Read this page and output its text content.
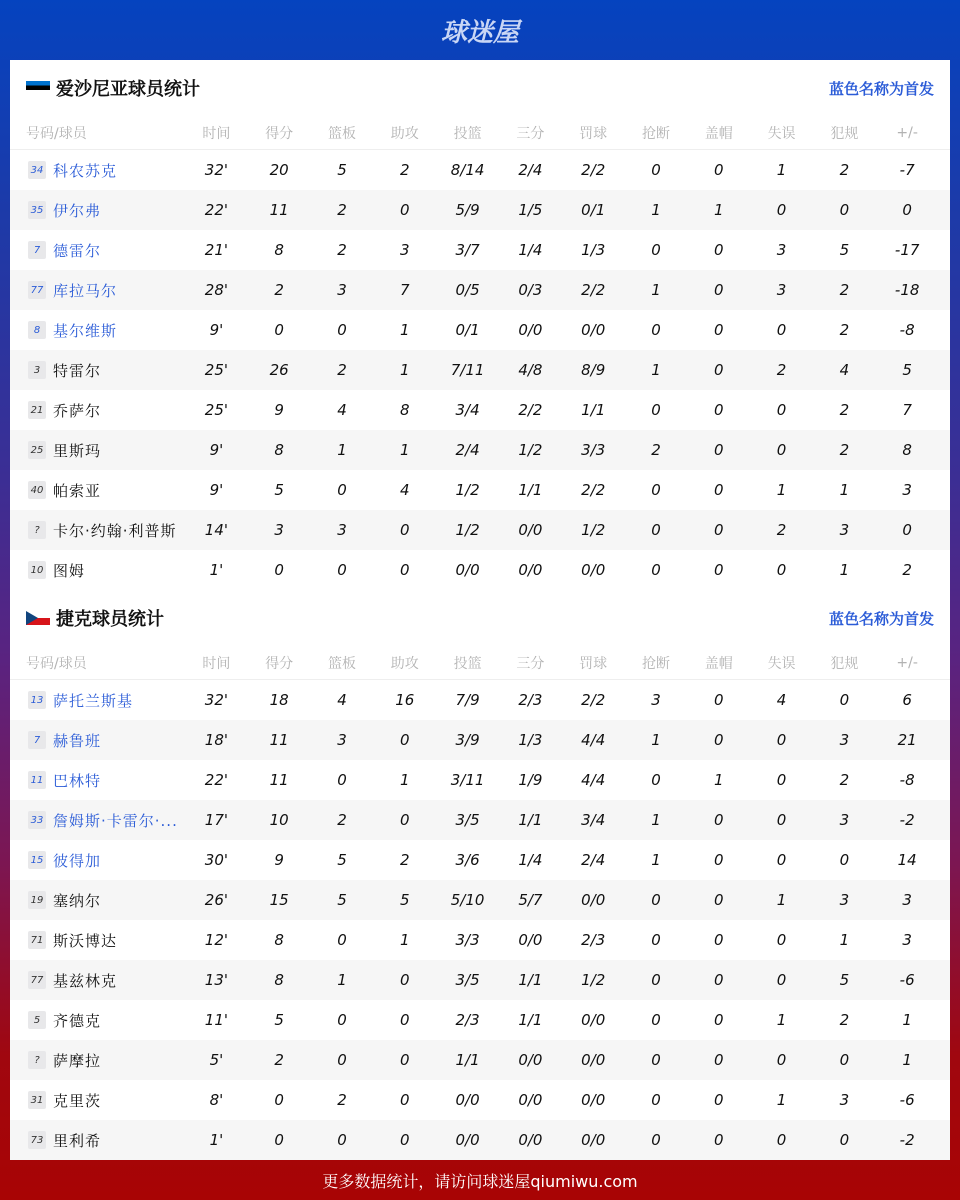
球迷屋
爱沙尼亚球员统计	蓝色名称为首发
号码/球员	时间	得分	篮板	助攻	投篮	三分	罚球	抢断	盖帽	失误	犯规	+/-
34 科农苏克	32'	20	5	2	8/14	2/4	2/2	0	0	1	2	-7
35 伊尔弗	22'	11	2	0	5/9	1/5	0/1	1	1	0	0	0
7 德雷尔	21'	8	2	3	3/7	1/4	1/3	0	0	3	5	-17
77 库拉马尔	28'	2	3	7	0/5	0/3	2/2	1	0	3	2	-18
8 基尔维斯	9'	0	0	1	0/1	0/0	0/0	0	0	0	2	-8
3 特雷尔	25'	26	2	1	7/11	4/8	8/9	1	0	2	4	5
21 乔萨尔	25'	9	4	8	3/4	2/2	1/1	0	0	0	2	7
25 里斯玛	9'	8	1	1	2/4	1/2	3/3	2	0	0	2	8
40 帕索亚	9'	5	0	4	1/2	1/1	2/2	0	0	1	1	3
? 卡尔·约翰·利普斯	14'	3	3	0	1/2	0/0	1/2	0	0	2	3	0
10 图姆	1'	0	0	0	0/0	0/0	0/0	0	0	0	1	2
捷克球员统计	蓝色名称为首发
号码/球员	时间	得分	篮板	助攻	投篮	三分	罚球	抢断	盖帽	失误	犯规	+/-
13 萨托兰斯基	32'	18	4	16	7/9	2/3	2/2	3	0	4	0	6
7 赫鲁班	18'	11	3	0	3/9	1/3	4/4	1	0	0	3	21
11 巴林特	22'	11	0	1	3/11	1/9	4/4	0	1	0	2	-8
33 詹姆斯·卡雷尔·...	17'	10	2	0	3/5	1/1	3/4	1	0	0	3	-2
15 彼得加	30'	9	5	2	3/6	1/4	2/4	1	0	0	0	14
19 塞纳尔	26'	15	5	5	5/10	5/7	0/0	0	0	1	3	3
71 斯沃博达	12'	8	0	1	3/3	0/0	2/3	0	0	0	1	3
77 基兹林克	13'	8	1	0	3/5	1/1	1/2	0	0	0	5	-6
5 齐德克	11'	5	0	0	2/3	1/1	0/0	0	0	1	2	1
? 萨摩拉	5'	2	0	0	1/1	0/0	0/0	0	0	0	0	1
31 克里茨	8'	0	2	0	0/0	0/0	0/0	0	0	1	3	-6
73 里利希	1'	0	0	0	0/0	0/0	0/0	0	0	0	0	-2
更多数据统计，请访问球迷屋qiumiwu.com
